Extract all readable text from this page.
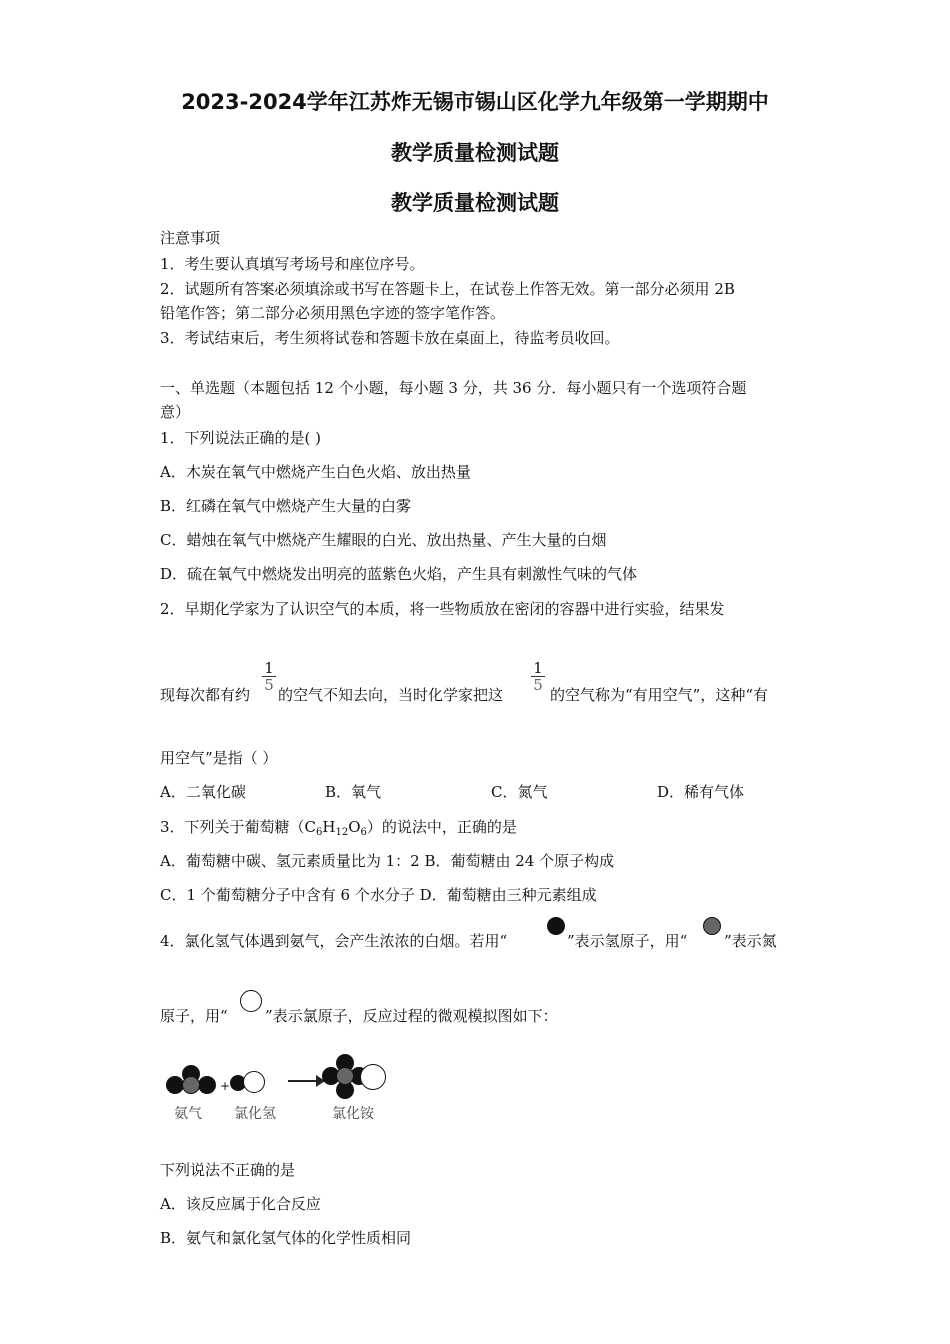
2023-2024学年江苏炸无锡市锡山区化学九年级第一学期期中
教学质量检测试题
教学质量检测试题
注意事项
1．考生要认真填写考场号和座位序号。
2．试题所有答案必须填涂或书写在答题卡上，在试卷上作答无效。第一部分必须用 2B
铅笔作答；第二部分必须用黑色字迹的签字笔作答。
3．考试结束后，考生须将试卷和答题卡放在桌面上，待监考员收回。
一、单选题（本题包括 12 个小题，每小题 3 分，共 36 分．每小题只有一个选项符合题
意）
1．下列说法正确的是( )
A．木炭在氧气中燃烧产生白色火焰、放出热量
B．红磷在氧气中燃烧产生大量的白雾
C．蜡烛在氧气中燃烧产生耀眼的白光、放出热量、产生大量的白烟
D．硫在氧气中燃烧发出明亮的蓝紫色火焰，产生具有刺激性气味的气体
2．早期化学家为了认识空气的本质，将一些物质放在密闭的容器中进行实验，结果发
现每次都有约
$\frac{1}{5}$
的空气不知去向，当时化学家把这
$\frac{1}{5}$
的空气称为“有用空气”，这种“有
用空气”是指（ ）
A．二氧化碳	B．氧气	C．氮气	D．稀有气体
3．下列关于葡萄糖$(C_6H_{12}O_6)$的说法中，正确的是
A．葡萄糖中碳、氢元素质量比为 1：2 B．葡萄糖由 24 个原子构成
C．1 个葡萄糖分子中含有 6 个水分子 D．葡萄糖由三种元素组成
4．氯化氢气体遇到氨气，会产生浓浓的白烟。若用“	”表示氢原子，用“ ”表示氮
原子，用“ ”表示氯原子，反应过程的微观模拟图如下：
+
氨气 氯化氢	氯化铵
下列说法不正确的是
A．该反应属于化合反应
B．氨气和氯化氢气体的化学性质相同
